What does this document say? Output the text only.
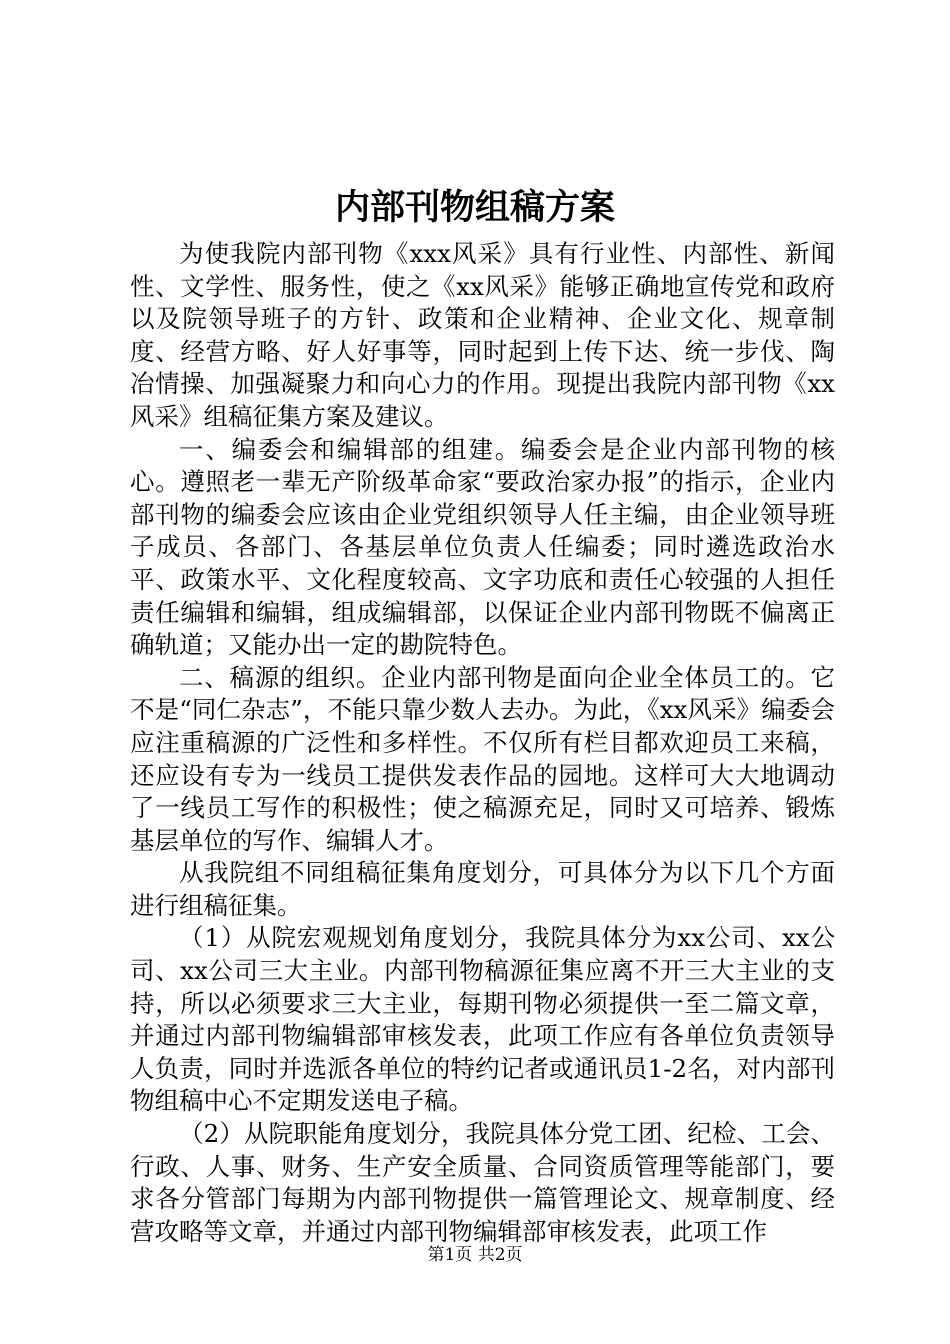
内部刊物组稿方案

为使我院内部刊物《xxx风采》具有行业性、内部性、新闻性、文学性、服务性，使之《xx风采》能够正确地宣传党和政府以及院领导班子的方针、政策和企业精神、企业文化、规章制度、经营方略、好人好事等，同时起到上传下达、统一步伐、陶冶情操、加强凝聚力和向心力的作用。现提出我院内部刊物《xx风采》组稿征集方案及建议。

一、编委会和编辑部的组建。编委会是企业内部刊物的核心。遵照老一辈无产阶级革命家“要政治家办报”的指示，企业内部刊物的编委会应该由企业党组织领导人任主编，由企业领导班子成员、各部门、各基层单位负责人任编委；同时遴选政治水平、政策水平、文化程度较高、文字功底和责任心较强的人担任责任编辑和编辑，组成编辑部，以保证企业内部刊物既不偏离正确轨道；又能办出一定的勘院特色。

二、稿源的组织。企业内部刊物是面向企业全体员工的。它不是“同仁杂志”，不能只靠少数人去办。为此，《xx风采》编委会应注重稿源的广泛性和多样性。不仅所有栏目都欢迎员工来稿，还应设有专为一线员工提供发表作品的园地。这样可大大地调动了一线员工写作的积极性；使之稿源充足，同时又可培养、锻炼基层单位的写作、编辑人才。

从我院组不同组稿征集角度划分，可具体分为以下几个方面进行组稿征集。

（1）从院宏观规划角度划分，我院具体分为xx公司、xx公司、xx公司三大主业。内部刊物稿源征集应离不开三大主业的支持，所以必须要求三大主业，每期刊物必须提供一至二篇文章，并通过内部刊物编辑部审核发表，此项工作应有各单位负责领导人负责，同时并选派各单位的特约记者或通讯员1-2名，对内部刊物组稿中心不定期发送电子稿。

（2）从院职能角度划分，我院具体分党工团、纪检、工会、行政、人事、财务、生产安全质量、合同资质管理等能部门，要求各分管部门每期为内部刊物提供一篇管理论文、规章制度、经营攻略等文章，并通过内部刊物编辑部审核发表，此项工作

第1页 共2页
